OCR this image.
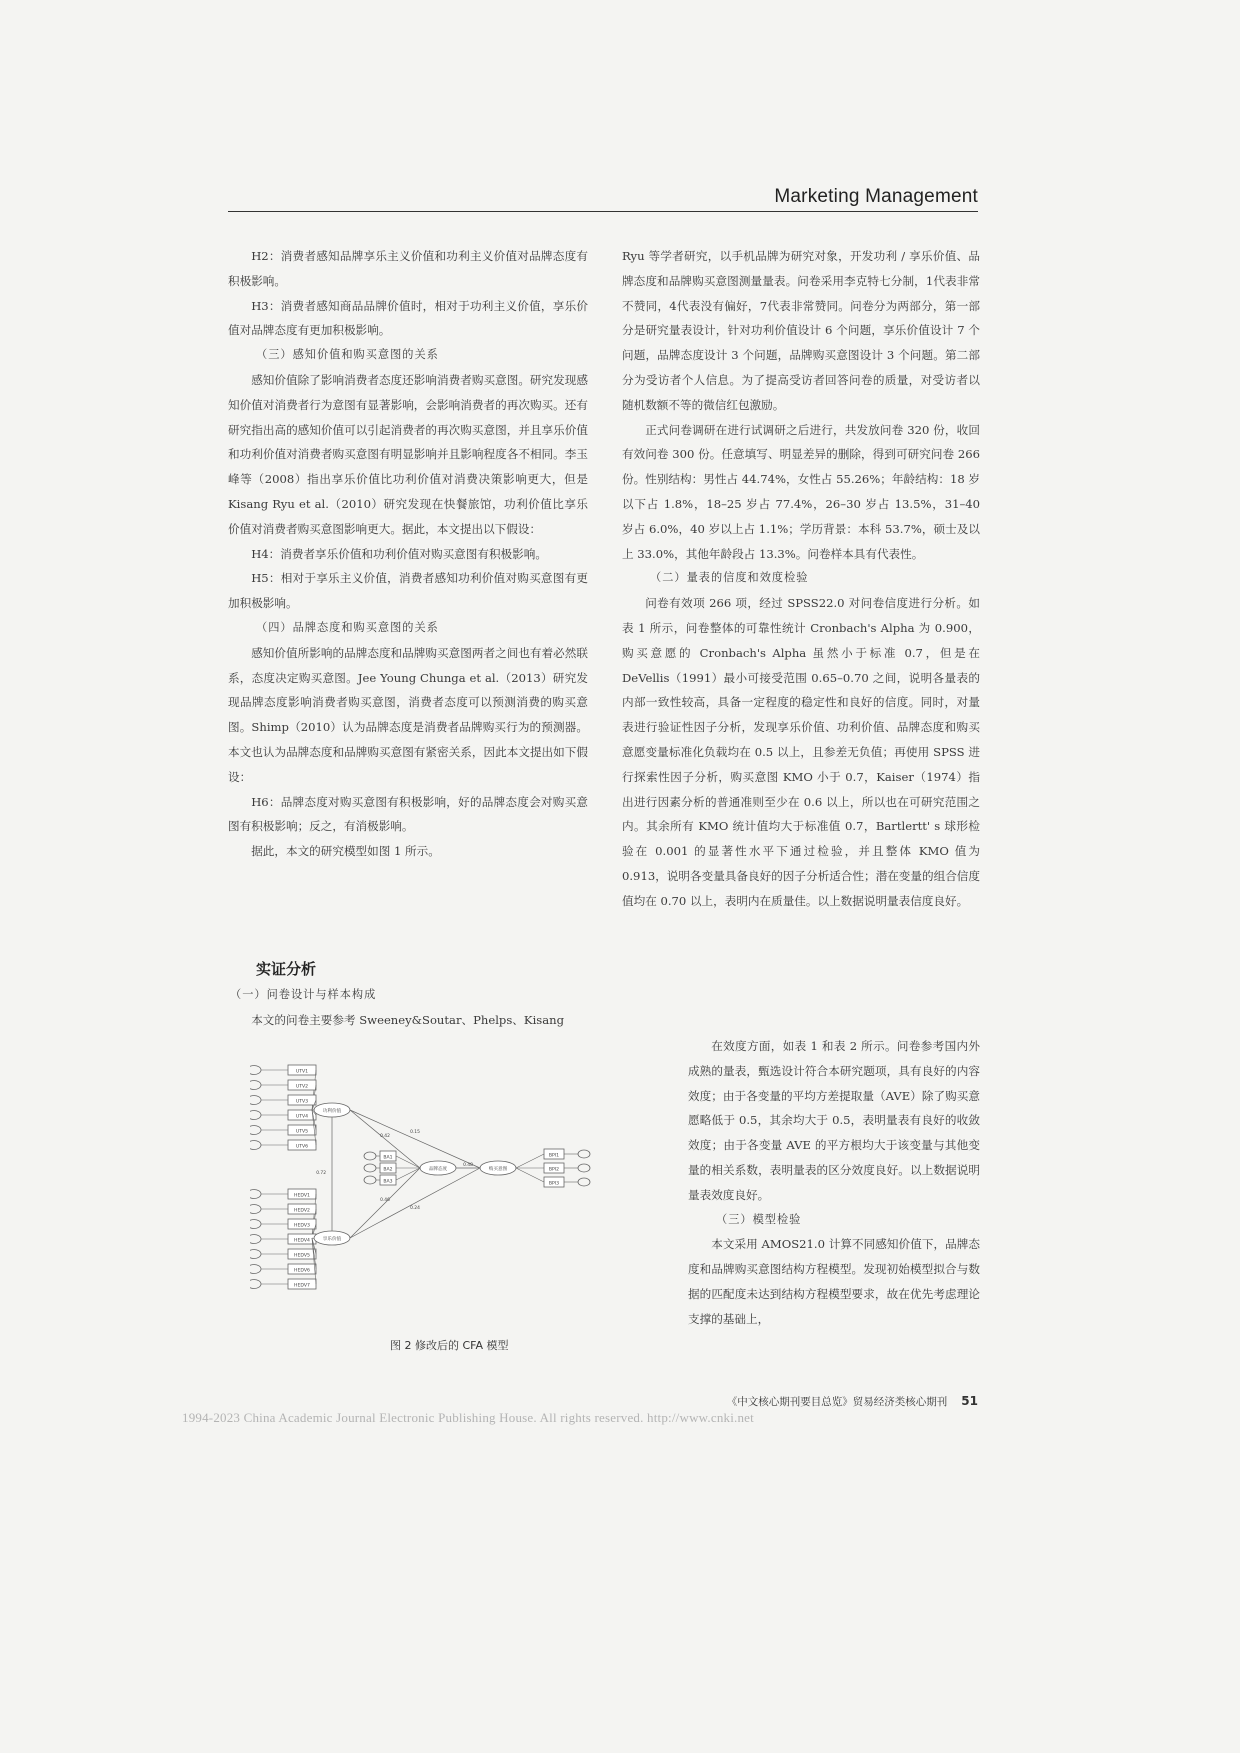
Marketing Management

H2：消费者感知品牌享乐主义价值和功利主义价值对品牌态度有积极影响。

H3：消费者感知商品品牌价值时，相对于功利主义价值，享乐价值对品牌态度有更加积极影响。

（三）感知价值和购买意图的关系

感知价值除了影响消费者态度还影响消费者购买意图。研究发现感知价值对消费者行为意图有显著影响，会影响消费者的再次购买。还有研究指出高的感知价值可以引起消费者的再次购买意图，并且享乐价值和功利价值对消费者购买意图有明显影响并且影响程度各不相同。李玉峰等（2008）指出享乐价值比功利价值对消费决策影响更大，但是 Kisang Ryu et al.（2010）研究发现在快餐旅馆，功利价值比享乐价值对消费者购买意图影响更大。据此，本文提出以下假设：

H4：消费者享乐价值和功利价值对购买意图有积极影响。

H5：相对于享乐主义价值，消费者感知功利价值对购买意图有更加积极影响。

（四）品牌态度和购买意图的关系

感知价值所影响的品牌态度和品牌购买意图两者之间也有着必然联系，态度决定购买意图。Jee Young Chunga et al.（2013）研究发现品牌态度影响消费者购买意图，消费者态度可以预测消费的购买意图。Shimp（2010）认为品牌态度是消费者品牌购买行为的预测器。本文也认为品牌态度和品牌购买意图有紧密关系，因此本文提出如下假设：

H6：品牌态度对购买意图有积极影响，好的品牌态度会对购买意图有积极影响；反之，有消极影响。

据此，本文的研究模型如图 1 所示。

实证分析
（一）问卷设计与样本构成

本文的问卷主要参考 Sweeney&Soutar、Phelps、Kisang

Ryu 等学者研究，以手机品牌为研究对象，开发功利 / 享乐价值、品牌态度和品牌购买意图测量量表。问卷采用李克特七分制，1代表非常不赞同，4代表没有偏好，7代表非常赞同。问卷分为两部分，第一部分是研究量表设计，针对功利价值设计 6 个问题，享乐价值设计 7 个问题，品牌态度设计 3 个问题，品牌购买意图设计 3 个问题。第二部分为受访者个人信息。为了提高受访者回答问卷的质量，对受访者以随机数额不等的微信红包激励。

正式问卷调研在进行试调研之后进行，共发放问卷 320 份，收回有效问卷 300 份。任意填写、明显差异的删除，得到可研究问卷 266 份。性别结构：男性占 44.74%，女性占 55.26%；年龄结构：18 岁以下占 1.8%，18–25 岁占 77.4%，26–30 岁占 13.5%，31–40 岁占 6.0%，40 岁以上占 1.1%；学历背景：本科 53.7%，硕士及以上 33.0%，其他年龄段占 13.3%。问卷样本具有代表性。

（二）量表的信度和效度检验

问卷有效项 266 项，经过 SPSS22.0 对问卷信度进行分析。如表 1 所示，问卷整体的可靠性统计 Cronbach's Alpha 为 0.900，购买意愿的 Cronbach's Alpha 虽然小于标准 0.7，但是在 DeVellis（1991）最小可接受范围 0.65–0.70 之间，说明各量表的内部一致性较高，具备一定程度的稳定性和良好的信度。同时，对量表进行验证性因子分析，发现享乐价值、功利价值、品牌态度和购买意愿变量标准化负载均在 0.5 以上，且参差无负值；再使用 SPSS 进行探索性因子分析，购买意图 KMO 小于 0.7，Kaiser（1974）指出进行因素分析的普通准则至少在 0.6 以上，所以也在可研究范围之内。其余所有 KMO 统计值均大于标准值 0.7，Bartlertt' s 球形检验在 0.001 的显著性水平下通过检验，并且整体 KMO 值为 0.913，说明各变量具备良好的因子分析适合性；潜在变量的组合信度值均在 0.70 以上，表明内在质量佳。以上数据说明量表信度良好。

在效度方面，如表 1 和表 2 所示。问卷参考国内外成熟的量表，甄选设计符合本研究题项，具有良好的内容效度；由于各变量的平均方差提取量（AVE）除了购买意愿略低于 0.5，其余均大于 0.5，表明量表有良好的收敛效度；由于各变量 AVE 的平方根均大于该变量与其他变量的相关系数，表明量表的区分效度良好。以上数据说明量表效度良好。

（三）模型检验

本文采用 AMOS21.0 计算不同感知价值下，品牌态度和品牌购买意图结构方程模型。发现初始模型拟合与数据的匹配度未达到结构方程模型要求，故在优先考虑理论支撑的基础上，

UTV1
UTV2
UTV3
UTV4
UTV5
UTV6
HEDV1
HEDV2
HEDV3
HEDV4
HEDV5
HEDV6
HEDV7
功利价值
享乐价值
品牌态度	购买意图
BA1
BA2
BA3
BPI1
BPI2
BPI3
0.42
0.15
0.46
0.24
0.48
0.72
图 2 修改后的 CFA 模型
《中文核心期刊要目总览》贸易经济类核心期刊 51
1994-2023 China Academic Journal Electronic Publishing House. All rights reserved. http://www.cnki.net
